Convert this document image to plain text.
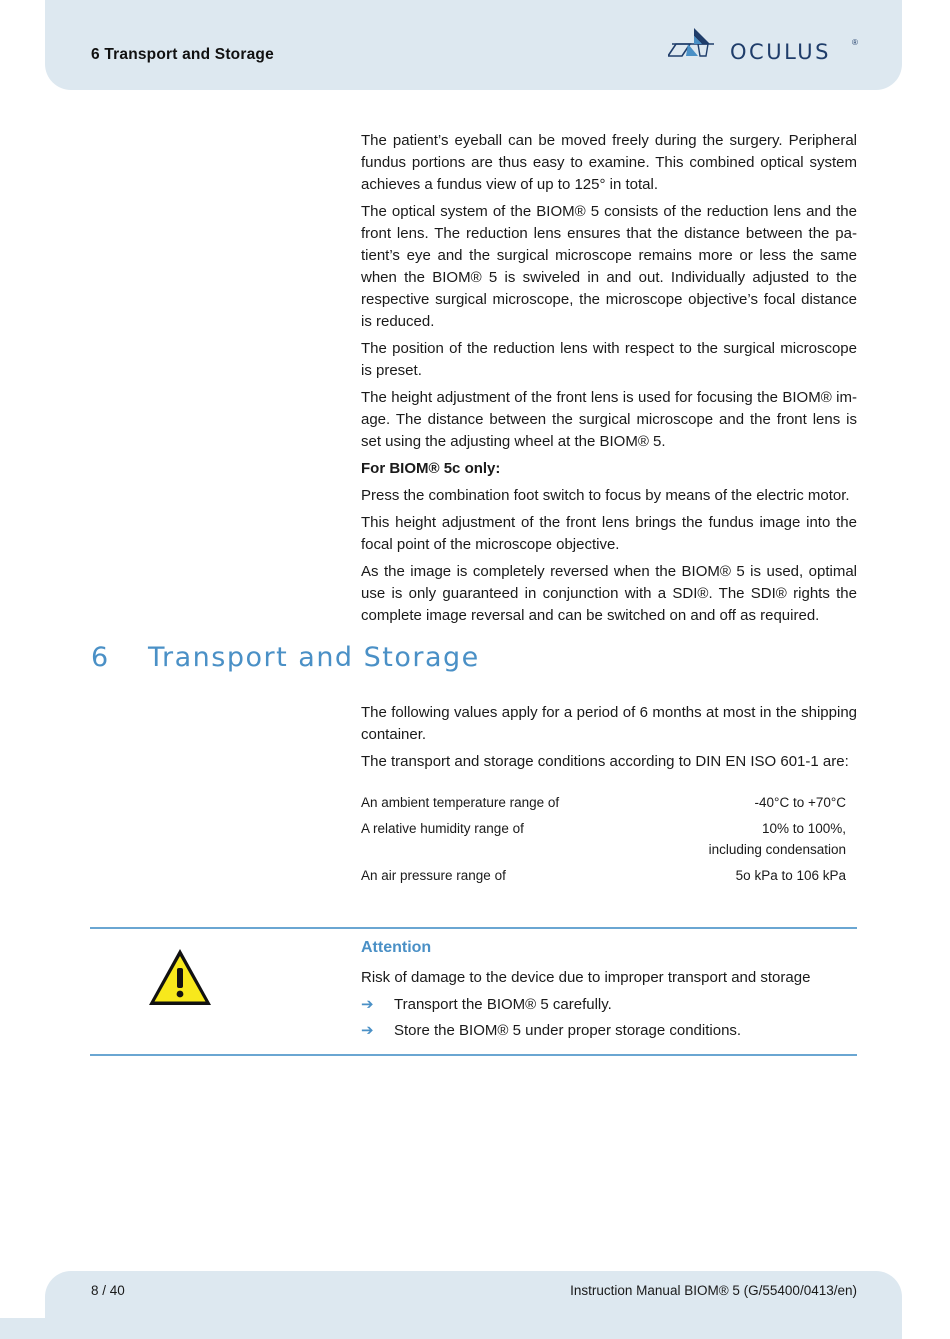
6 Transport and Storage	OCULUS	®

The patient’s eyeball can be moved freely during the surgery. Peripheral fundus portions are thus easy to examine. This combined optical system achieves a fundus view of up to 125° in total.

The optical system of the BIOM® 5 consists of the reduction lens and the front lens. The reduction lens ensures that the distance between the pa-tient’s eye and the surgical microscope remains more or less the same when the BIOM® 5 is swiveled in and out. Individually adjusted to the respective surgical microscope, the microscope objective’s focal distance is reduced.

The position of the reduction lens with respect to the surgical microscope is preset.

The height adjustment of the front lens is used for focusing the BIOM® im-age. The distance between the surgical microscope and the front lens is set using the adjusting wheel at the BIOM® 5.

For BIOM® 5c only:

Press the combination foot switch to focus by means of the electric motor.

This height adjustment of the front lens brings the fundus image into the focal point of the microscope objective.

As the image is completely reversed when the BIOM® 5 is used, optimal use is only guaranteed in conjunction with a SDI®. The SDI® rights the complete image reversal and can be switched on and off as required.

6 Transport and Storage

The following values apply for a period of 6 months at most in the shipping container.

The transport and storage conditions according to DIN EN ISO 601-1 are:

An ambient temperature range of	-40°C to +70°C
A relative humidity range of	10% to 100%,
including condensation
An air pressure range of	5o kPa to 106 kPa
Attention
Risk of damage to the device due to improper transport and storage
➔	Transport the BIOM® 5 carefully.
➔	Store the BIOM® 5 under proper storage conditions.
8 / 40	Instruction Manual BIOM® 5 (G/55400/0413/en)
